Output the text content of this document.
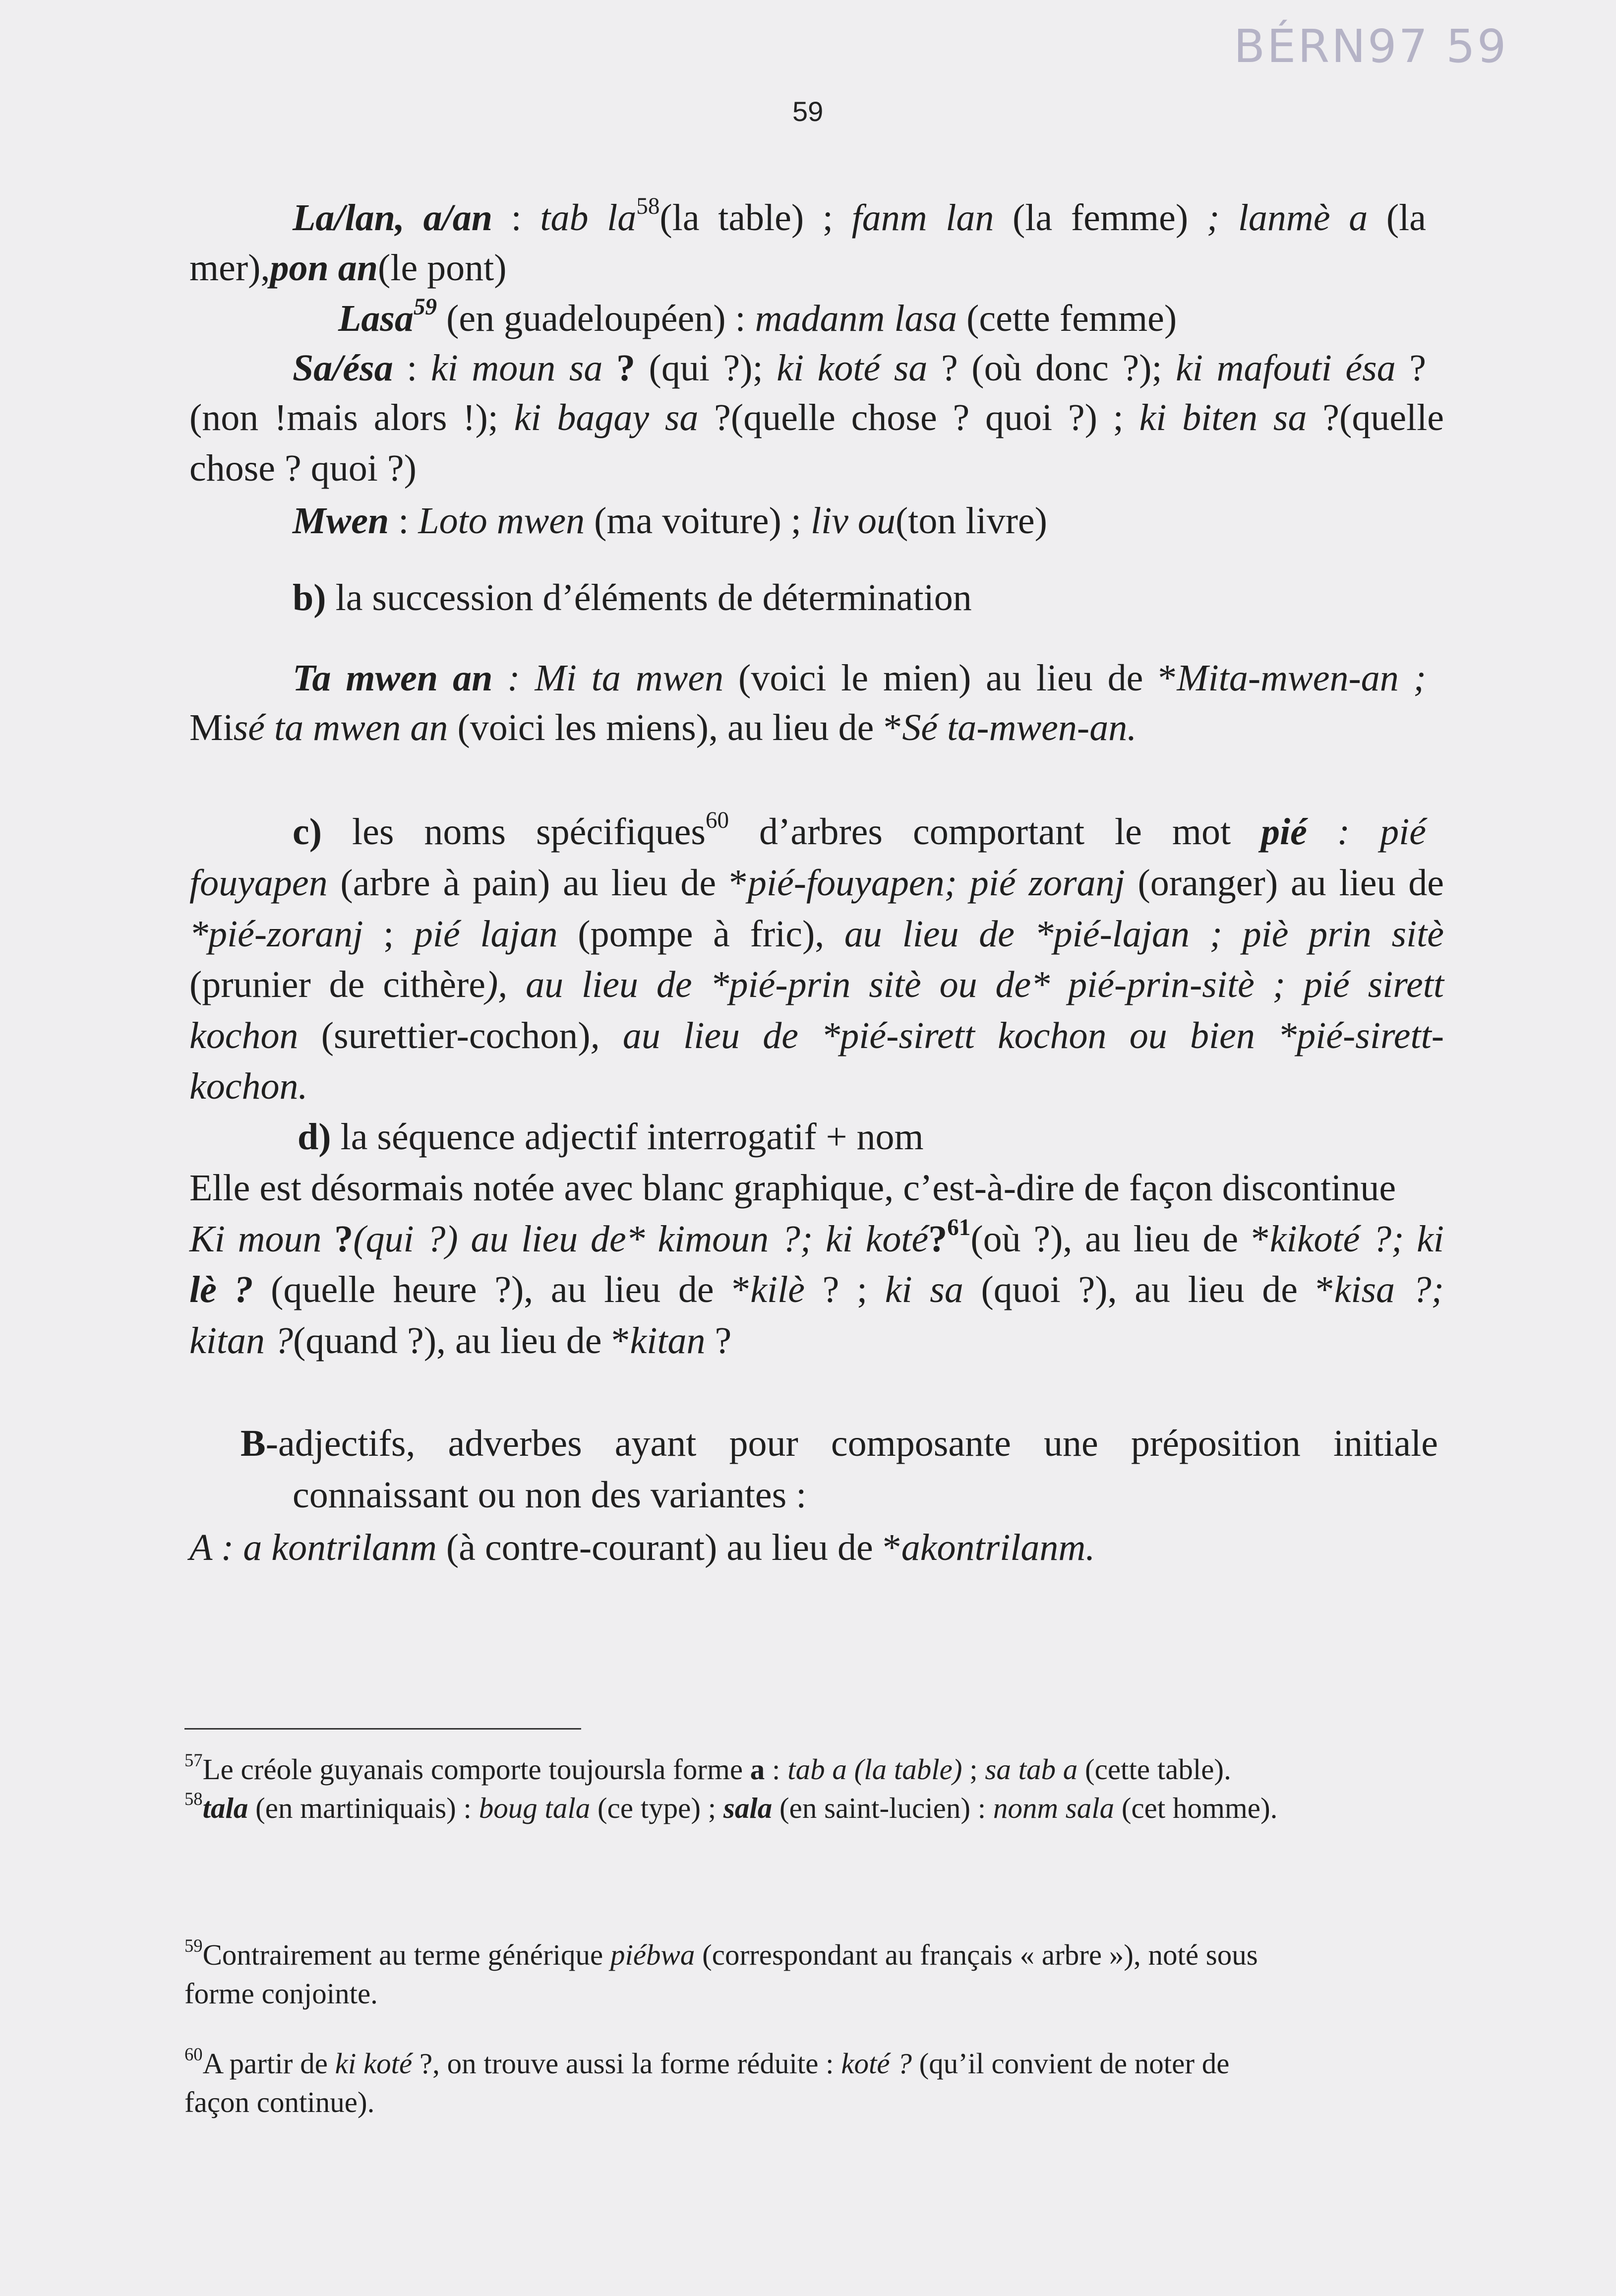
BÉRN97 59
59
La/lan, a/an : tab $la^{58}(la$ table) ; fanm lan (la femme) ; lanmè a (la
mer),pon an(le pont)
Lasa$^{59}$ (en guadeloupéen) : madanm lasa (cette femme)
Sa/ésa : ki moun sa ? (qui ?); ki koté sa ? (où donc ?); ki mafouti ésa ?
(non !mais alors !); ki bagay sa ?(quelle chose ? quoi ?) ; ki biten sa ?(quelle
chose ? quoi ?)
Mwen : Loto mwen (ma voiture) ; liv ou(ton livre)
b) la succession d’éléments de détermination
Ta mwen an : Mi ta mwen (voici le mien) au lieu de *Mita-mwen-an ;
Misé ta mwen an (voici les miens), au lieu de *Sé ta-mwen-an.
c) les noms spécifiques$^{60}$ d’arbres comportant le mot pié : pié
fouyapen (arbre à pain) au lieu de *pié-fouyapen; pié zoranj (oranger) au lieu de
*pié-zoranj ; pié lajan (pompe à fric), au lieu de *pié-lajan ; piè prin sitè
(prunier de cithère), au lieu de *pié-prin sitè ou de* pié-prin-sitè ; pié sirett
kochon (surettier-cochon), au lieu de *pié-sirett kochon ou bien *pié-sirett-
kochon.
d) la séquence adjectif interrogatif + nom
Elle est désormais notée avec blanc graphique, c’est-à-dire de façon discontinue
Ki moun ?(qui ?) au lieu de* kimoun ?; ki koté?$^{61}$(où ?), au lieu de *kikoté ?; ki
lè ? (quelle heure ?), au lieu de *kilè ? ; ki sa (quoi ?), au lieu de *kisa ?;
kitan ?(quand ?), au lieu de *kitan ?
B-adjectifs, adverbes ayant pour composante une préposition initiale
connaissant ou non des variantes :
A : a kontrilanm (à contre-courant) au lieu de *akontrilanm.
$^{57}$Le créole guyanais comporte toujoursla forme a : tab a (la table) ; sa tab a (cette table).
$^{58}$tala (en martiniquais) : boug tala (ce type) ; sala (en saint-lucien) : nonm sala (cet homme).
$^{59}$Contrairement au terme générique piébwa (correspondant au français « arbre »), noté sous
forme conjointe.
$^{60}$A partir de ki koté ?, on trouve aussi la forme réduite : koté ? (qu’il convient de noter de
façon continue).
